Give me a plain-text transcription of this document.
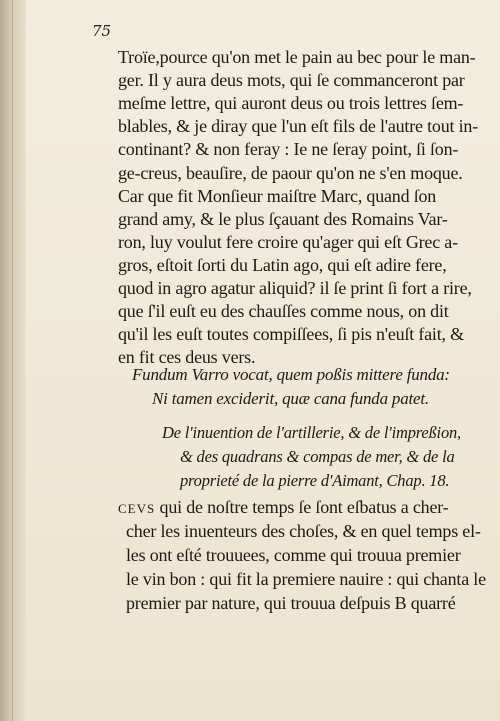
75
Troïe,pource qu'on met le pain au bec pour le man-
ger. Il y aura deus mots, qui ſe commanceront par
meſme lettre, qui auront deus ou trois lettres ſem-
blables, & je diray que l'un eſt fils de l'autre tout in-
continant? & non feray : Ie ne ſeray point, ſi ſon-
ge-creus, beauſire, de paour qu'on ne s'en moque.
Car que fit Monſieur maiſtre Marc, quand ſon
grand amy, & le plus ſçauant des Romains Var-
ron, luy voulut fere croire qu'ager qui eſt Grec a-
gros, eſtoit ſorti du Latin ago, qui eſt adire fere,
quod in agro agatur aliquid? il ſe print ſi fort a rire,
que ſ'il euſt eu des chauſſes comme nous, on dit
qu'il les euſt toutes compiſſees, ſi pis n'euſt fait, &
en fit ces deus vers.
Fundum Varro vocat, quem poßis mittere funda:
Ni tamen exciderit, quæ cana funda patet.
De l'inuention de l'artillerie, & de l'impreßion,
& des quadrans & compas de mer, & de la
proprieté de la pierre d'Aimant, Chap. 18.
CEVS qui de noſtre temps ſe ſont eſbatus a cher-
cher les inuenteurs des choſes, & en quel temps el-
les ont eſté trouuees, comme qui trouua premier
le vin bon : qui fit la premiere nauire : qui chanta le
premier par nature, qui trouua deſpuis B quarré
